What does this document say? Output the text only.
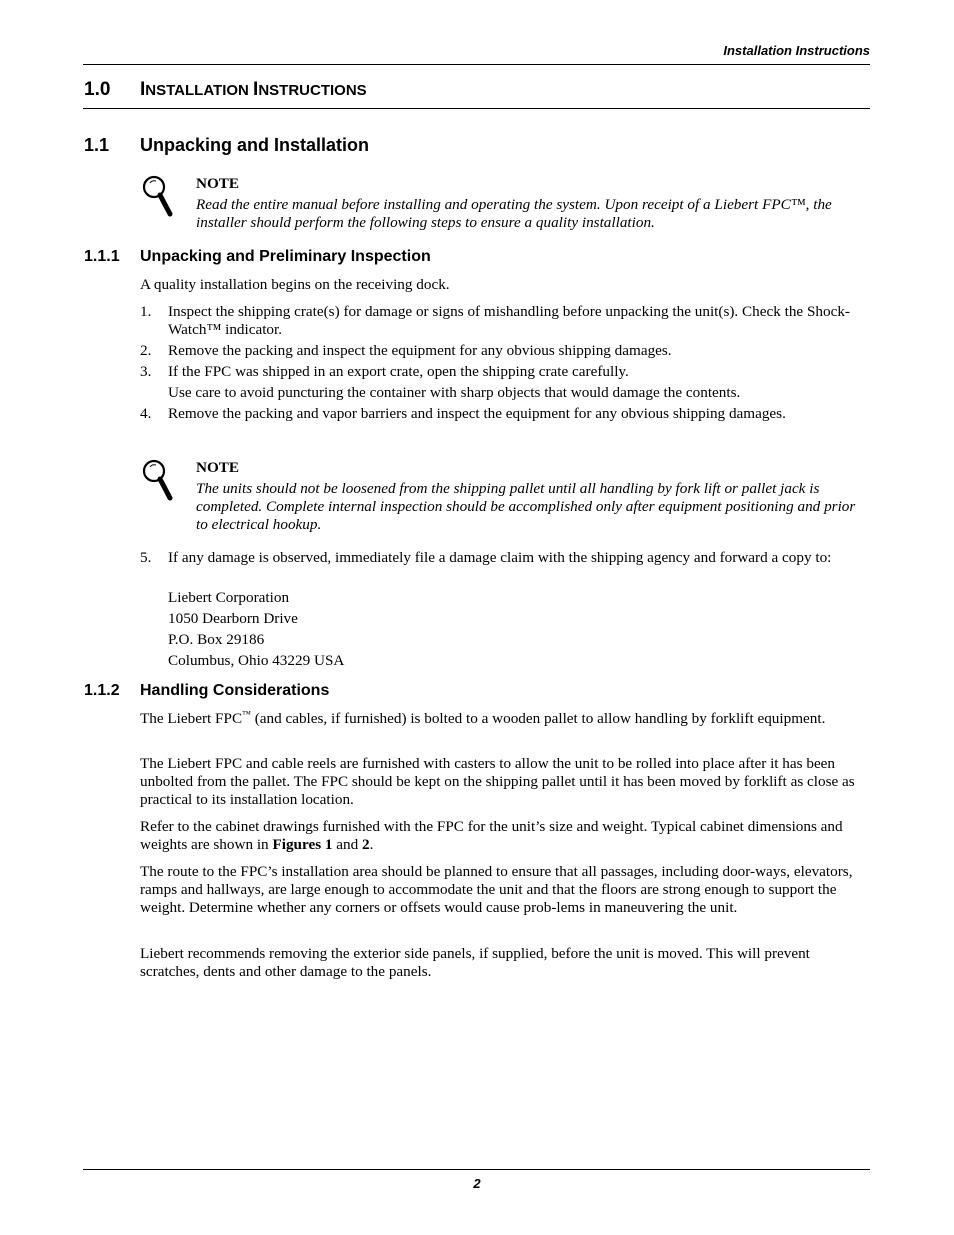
Installation Instructions
1.0 INSTALLATION INSTRUCTIONS
1.1 Unpacking and Installation
NOTE
Read the entire manual before installing and operating the system. Upon receipt of a Liebert FPC™, the installer should perform the following steps to ensure a quality installation.
1.1.1 Unpacking and Preliminary Inspection
A quality installation begins on the receiving dock.
1. Inspect the shipping crate(s) for damage or signs of mishandling before unpacking the unit(s). Check the Shock-Watch™ indicator.
2. Remove the packing and inspect the equipment for any obvious shipping damages.
3. If the FPC was shipped in an export crate, open the shipping crate carefully.
Use care to avoid puncturing the container with sharp objects that would damage the contents.
4. Remove the packing and vapor barriers and inspect the equipment for any obvious shipping damages.
NOTE
The units should not be loosened from the shipping pallet until all handling by fork lift or pallet jack is completed. Complete internal inspection should be accomplished only after equipment positioning and prior to electrical hookup.
5. If any damage is observed, immediately file a damage claim with the shipping agency and forward a copy to:
Liebert Corporation
1050 Dearborn Drive
P.O. Box 29186
Columbus, Ohio 43229 USA
1.1.2 Handling Considerations
The Liebert FPC™ (and cables, if furnished) is bolted to a wooden pallet to allow handling by forklift equipment.
The Liebert FPC and cable reels are furnished with casters to allow the unit to be rolled into place after it has been unbolted from the pallet. The FPC should be kept on the shipping pallet until it has been moved by forklift as close as practical to its installation location.
Refer to the cabinet drawings furnished with the FPC for the unit’s size and weight. Typical cabinet dimensions and weights are shown in Figures 1 and 2.
The route to the FPC’s installation area should be planned to ensure that all passages, including door-ways, elevators, ramps and hallways, are large enough to accommodate the unit and that the floors are strong enough to support the weight. Determine whether any corners or offsets would cause prob-lems in maneuvering the unit.
Liebert recommends removing the exterior side panels, if supplied, before the unit is moved. This will prevent scratches, dents and other damage to the panels.
2
